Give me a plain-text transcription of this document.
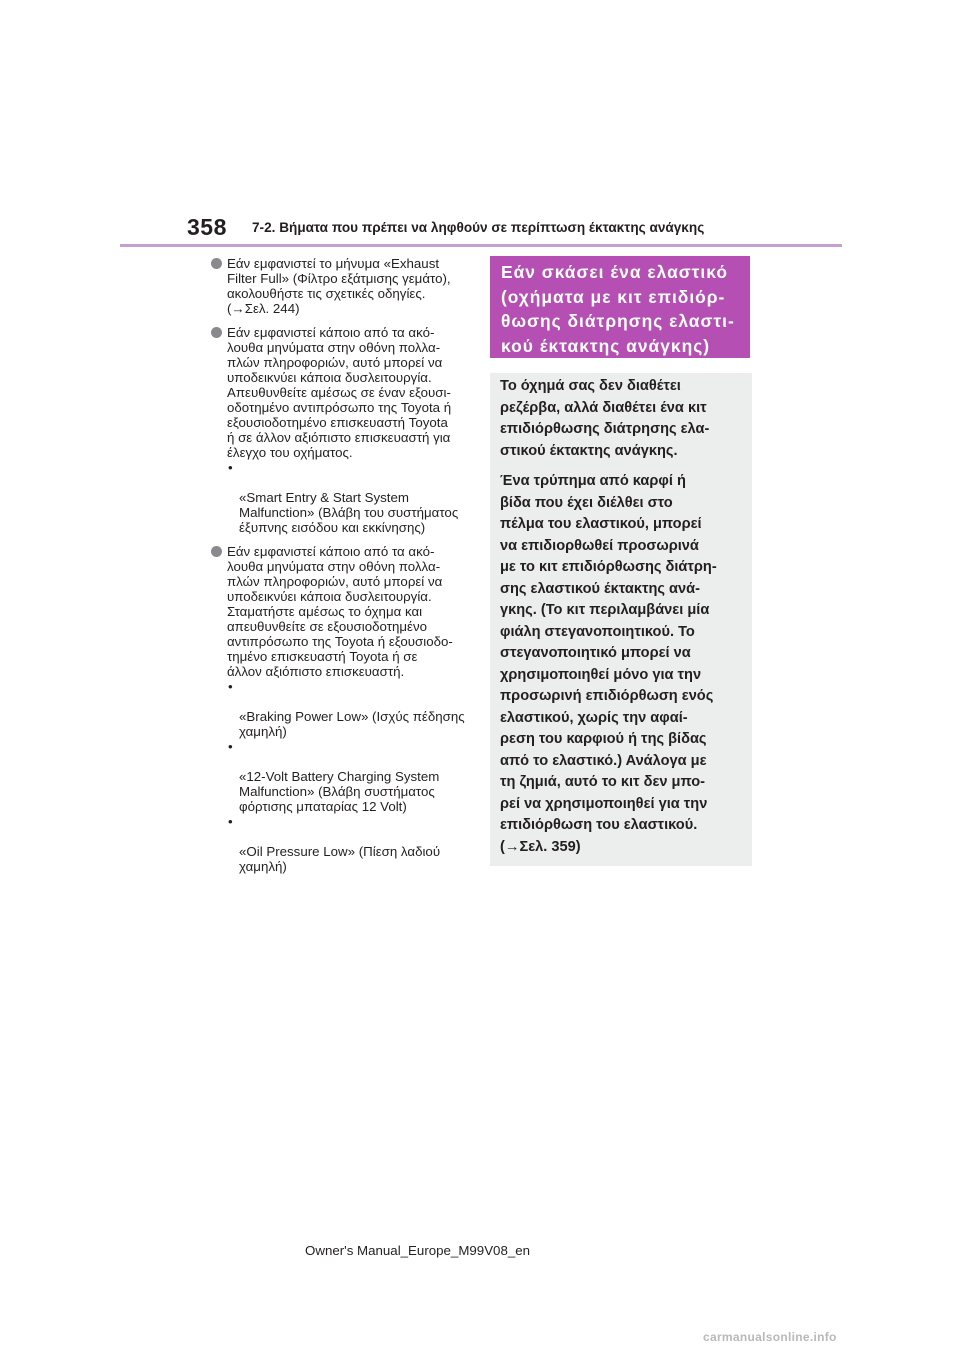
358 7-2. Βήματα που πρέπει να ληφθούν σε περίπτωση έκτακτης ανάγκης
Εάν εμφανιστεί το μήνυμα «Exhaust
Filter Full» (Φίλτρο εξάτμισης γεμάτο),
ακολουθήστε τις σχετικές οδηγίες.
(→Σελ. 244)
Εάν εμφανιστεί κάποιο από τα ακό-
λουθα μηνύματα στην οθόνη πολλα-
πλών πληροφοριών, αυτό μπορεί να
υποδεικνύει κάποια δυσλειτουργία.
Απευθυνθείτε αμέσως σε έναν εξουσι-
οδοτημένο αντιπρόσωπο της Toyota ή
εξουσιοδοτημένο επισκευαστή Toyota
ή σε άλλον αξιόπιστο επισκευαστή για
έλεγχο του οχήματος.

•

«Smart Entry & Start System
Malfunction» (Βλάβη του συστήματος
έξυπνης εισόδου και εκκίνησης)

Εάν εμφανιστεί κάποιο από τα ακό-
λουθα μηνύματα στην οθόνη πολλα-
πλών πληροφοριών, αυτό μπορεί να
υποδεικνύει κάποια δυσλειτουργία.
Σταματήστε αμέσως το όχημα και
απευθυνθείτε σε εξουσιοδοτημένο
αντιπρόσωπο της Toyota ή εξουσιοδο-
τημένο επισκευαστή Toyota ή σε
άλλον αξιόπιστο επισκευαστή.

•

«Braking Power Low» (Ισχύς πέδησης
χαμηλή)

•

«12-Volt Battery Charging System
Malfunction» (Βλάβη συστήματος
φόρτισης μπαταρίας 12 Volt)

•

«Oil Pressure Low» (Πίεση λαδιού
χαμηλή)

Εάν σκάσει ένα ελαστικό
(οχήματα με κιτ επιδιόρ-
θωσης διάτρησης ελαστι-
κού έκτακτης ανάγκης)
Το όχημά σας δεν διαθέτει
ρεζέρβα, αλλά διαθέτει ένα κιτ
επιδιόρθωσης διάτρησης ελα-
στικού έκτακτης ανάγκης.
Ένα τρύπημα από καρφί ή
βίδα που έχει διέλθει στο
πέλμα του ελαστικού, μπορεί
να επιδιορθωθεί προσωρινά
με το κιτ επιδιόρθωσης διάτρη-
σης ελαστικού έκτακτης ανά-
γκης. (Το κιτ περιλαμβάνει μία
φιάλη στεγανοποιητικού. Το
στεγανοποιητικό μπορεί να
χρησιμοποιηθεί μόνο για την
προσωρινή επιδιόρθωση ενός
ελαστικού, χωρίς την αφαί-
ρεση του καρφιού ή της βίδας
από το ελαστικό.) Ανάλογα με
τη ζημιά, αυτό το κιτ δεν μπο-
ρεί να χρησιμοποιηθεί για την
επιδιόρθωση του ελαστικού.
(→Σελ. 359)
Owner's Manual_Europe_M99V08_en
carmanualsonline.info
